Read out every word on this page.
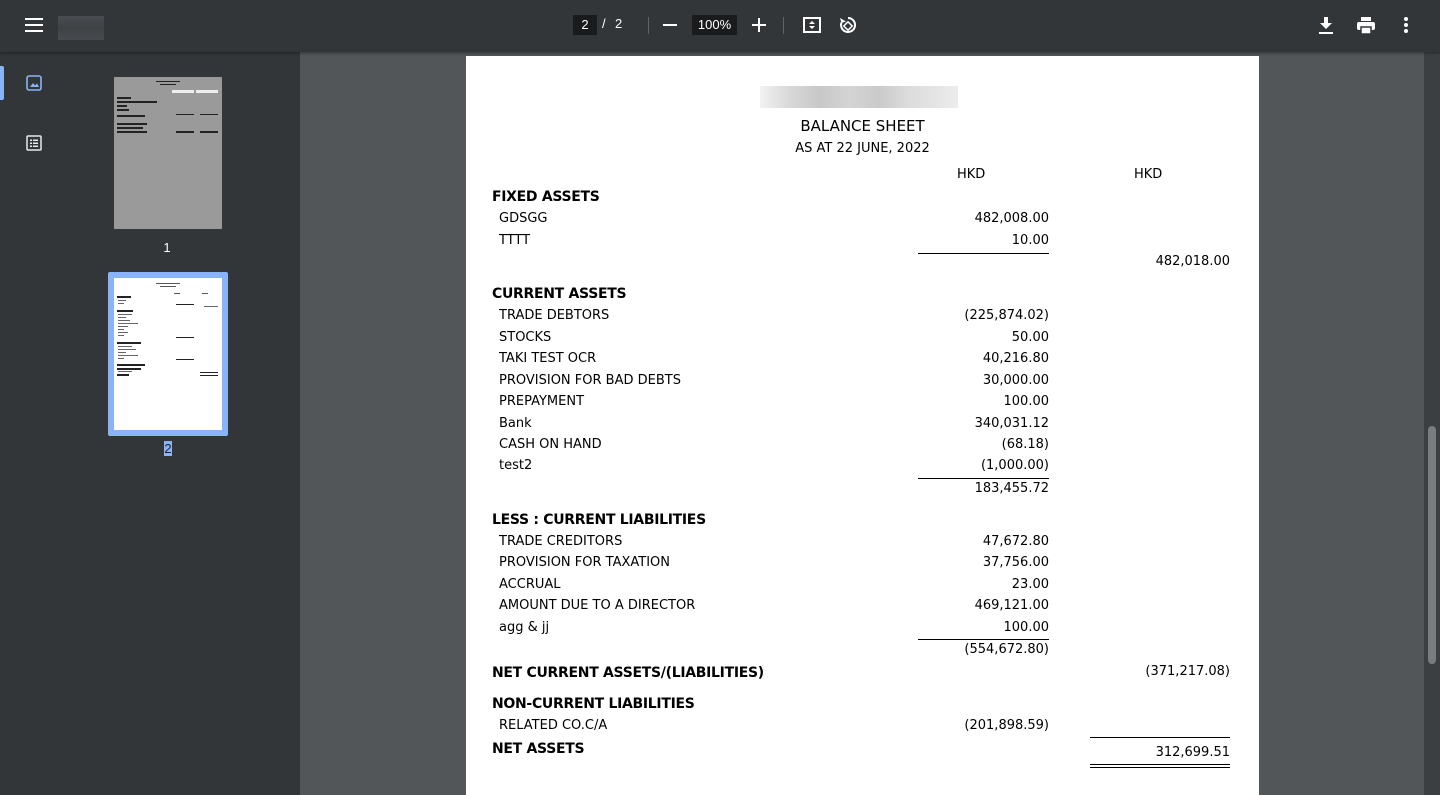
2	/ 2	100%
1
2
BALANCE SHEET
AS AT 22 JUNE, 2022
HKD	HKD
FIXED ASSETS
GDSGG	482,008.00
TTTT	10.00
482,018.00
CURRENT ASSETS
TRADE DEBTORS	(225,874.02)
STOCKS	50.00
TAKI TEST OCR	40,216.80
PROVISION FOR BAD DEBTS	30,000.00
PREPAYMENT	100.00
Bank	340,031.12
CASH ON HAND	(68.18)
test2	(1,000.00)
183,455.72
LESS : CURRENT LIABILITIES
TRADE CREDITORS	47,672.80
PROVISION FOR TAXATION	37,756.00
ACCRUAL	23.00
AMOUNT DUE TO A DIRECTOR	469,121.00
agg & jj	100.00
(554,672.80)
NET CURRENT ASSETS/(LIABILITIES)	(371,217.08)
NON-CURRENT LIABILITIES
RELATED CO.C/A	(201,898.59)
NET ASSETS	312,699.51
